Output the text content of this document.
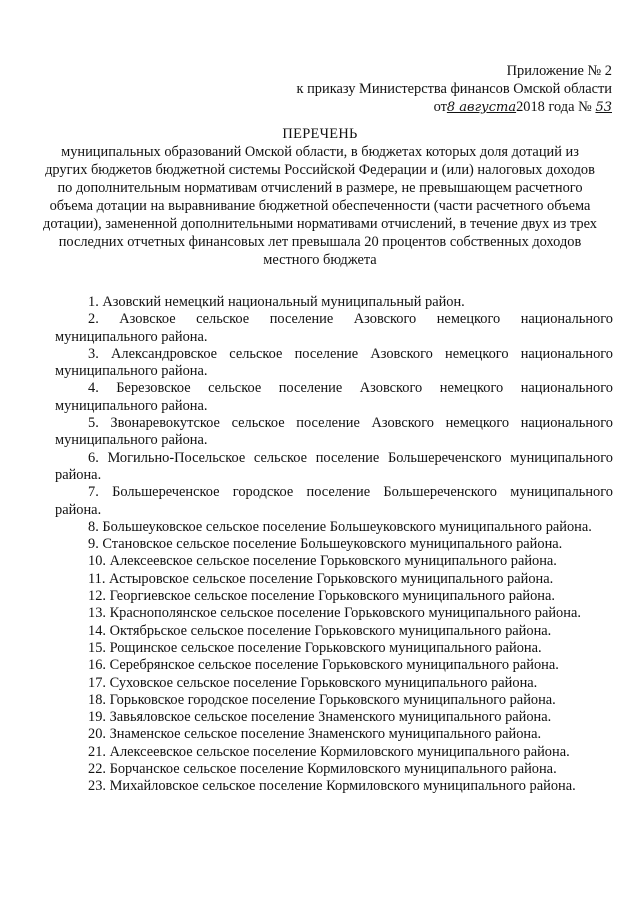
Приложение № 2
к приказу Министерства финансов Омской области
от8 августа2018 года № 53
ПЕРЕЧЕНЬ
муниципальных образований Омской области, в бюджетах которых доля дотаций из других бюджетов бюджетной системы Российской Федерации и (или) налоговых доходов по дополнительным нормативам отчислений в размере, не превышающем расчетного объема дотации на выравнивание бюджетной обеспеченности (части расчетного объема дотации), замененной дополнительными нормативами отчислений, в течение двух из трех последних отчетных финансовых лет превышала 20 процентов собственных доходов местного бюджета

1. Азовский немецкий национальный муниципальный район.

2. Азовское сельское поселение Азовского немецкого национального муниципального района.

3. Александровское сельское поселение Азовского немецкого национального муниципального района.

4. Березовское сельское поселение Азовского немецкого национального муниципального района.

5. Звонаревокутское сельское поселение Азовского немецкого национального муниципального района.

6. Могильно-Посельское сельское поселение Большереченского муниципального района.

7. Большереченское городское поселение Большереченского муниципального района.

8. Большеуковское сельское поселение Большеуковского муниципального района.

9. Становское сельское поселение Большеуковского муниципального района.

10. Алексеевское сельское поселение Горьковского муниципального района.

11. Астыровское сельское поселение Горьковского муниципального района.

12. Георгиевское сельское поселение Горьковского муниципального района.

13. Краснополянское сельское поселение Горьковского муниципального района.

14. Октябрьское сельское поселение Горьковского муниципального района.

15. Рощинское сельское поселение Горьковского муниципального района.

16. Серебрянское сельское поселение Горьковского муниципального района.

17. Суховское сельское поселение Горьковского муниципального района.

18. Горьковское городское поселение Горьковского муниципального района.

19. Завьяловское сельское поселение Знаменского муниципального района.

20. Знаменское сельское поселение Знаменского муниципального района.

21. Алексеевское сельское поселение Кормиловского муниципального района.

22. Борчанское сельское поселение Кормиловского муниципального района.

23. Михайловское сельское поселение Кормиловского муниципального района.
